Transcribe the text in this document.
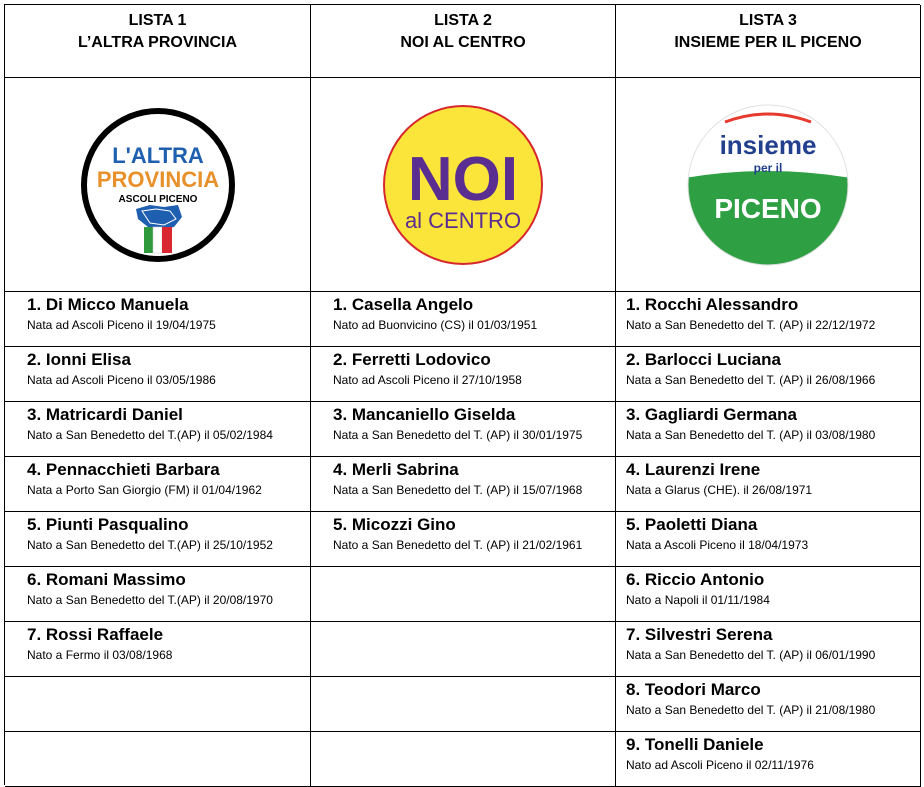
LISTA 1
L’ALTRA PROVINCIA
LISTA 2
NOI AL CENTRO
LISTA 3
INSIEME PER IL PICENO
L'ALTRA
PROVINCIA
ASCOLI PICENO	NOI
al CENTRO
insieme
per il
PICENO
1. Di Micco Manuela
Nata ad Ascoli Piceno il 19/04/1975
1. Casella Angelo
Nato ad Buonvicino (CS) il 01/03/1951
1. Rocchi Alessandro
Nato a San Benedetto del T. (AP) il 22/12/1972
2. Ionni Elisa
Nata ad Ascoli Piceno il 03/05/1986
2. Ferretti Lodovico
Nato ad Ascoli Piceno il 27/10/1958
2. Barlocci Luciana
Nata a San Benedetto del T. (AP) il 26/08/1966
3. Matricardi Daniel
Nato a San Benedetto del T.(AP) il 05/02/1984
3. Mancaniello Giselda
Nata a San Benedetto del T. (AP) il 30/01/1975
3. Gagliardi Germana
Nata a San Benedetto del T. (AP) il 03/08/1980
4. Pennacchieti Barbara
Nata a Porto San Giorgio (FM) il 01/04/1962
4. Merli Sabrina
Nata a San Benedetto del T. (AP) il 15/07/1968
4. Laurenzi Irene
Nata a Glarus (CHE). il 26/08/1971
5. Piunti Pasqualino
Nato a San Benedetto del T.(AP) il 25/10/1952
5. Micozzi Gino
Nato a San Benedetto del T. (AP) il 21/02/1961
5. Paoletti Diana
Nata a Ascoli Piceno il 18/04/1973
6. Romani Massimo
Nato a San Benedetto del T.(AP) il 20/08/1970
6. Riccio Antonio
Nato a Napoli il 01/11/1984
7. Rossi Raffaele
Nato a Fermo il 03/08/1968
7. Silvestri Serena
Nata a San Benedetto del T. (AP) il 06/01/1990
8. Teodori Marco
Nato a San Benedetto del T. (AP) il 21/08/1980
9. Tonelli Daniele
Nato ad Ascoli Piceno il 02/11/1976
